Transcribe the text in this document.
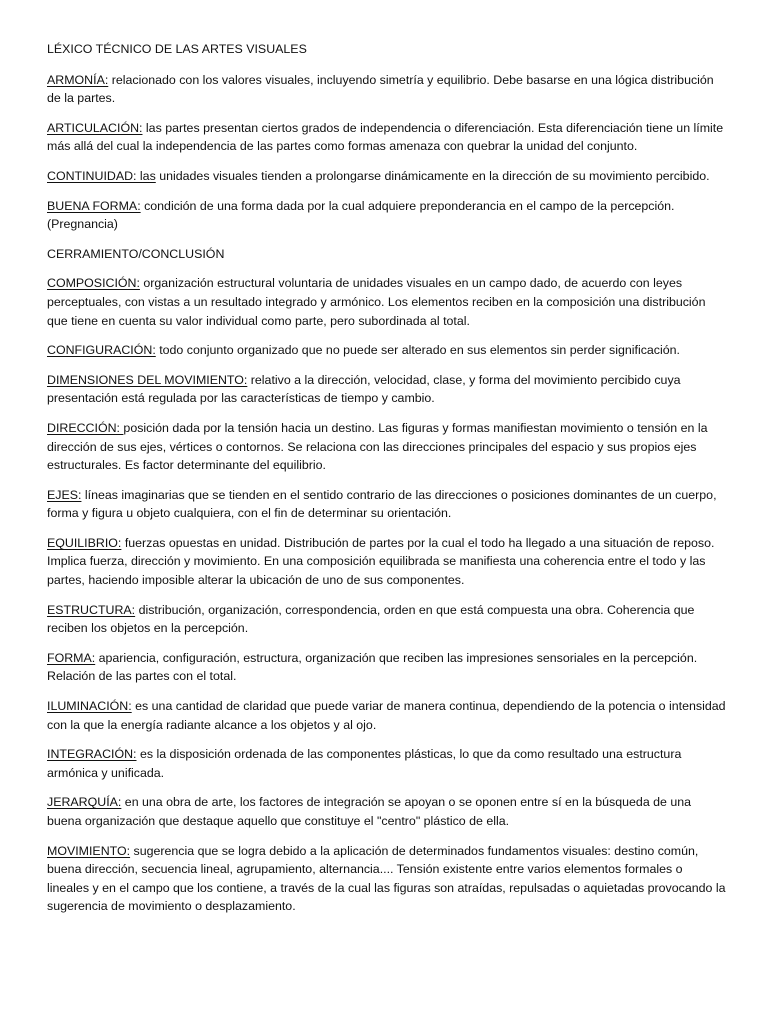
LÉXICO TÉCNICO DE LAS ARTES VISUALES

ARMONÍA: relacionado con los valores visuales, incluyendo simetría y equilibrio. Debe basarse en una lógica distribución de la partes.

ARTICULACIÓN: las partes presentan ciertos grados de independencia o diferenciación. Esta diferenciación tiene un límite más allá del cual la independencia de las partes como formas amenaza con quebrar la unidad del conjunto.

CONTINUIDAD: las unidades visuales tienden a prolongarse dinámicamente en la dirección de su movimiento percibido.

BUENA FORMA: condición de una forma dada por la cual adquiere preponderancia en el campo de la percepción. (Pregnancia)

CERRAMIENTO/CONCLUSIÓN

COMPOSICIÓN: organización estructural voluntaria de unidades visuales en un campo dado, de acuerdo con leyes perceptuales, con vistas a un resultado integrado y armónico. Los elementos reciben en la composición una distribución que tiene en cuenta su valor individual como parte, pero subordinada al total.

CONFIGURACIÓN: todo conjunto organizado que no puede ser alterado en sus elementos sin perder significación.

DIMENSIONES DEL MOVIMIENTO: relativo a la dirección, velocidad, clase, y forma del movimiento percibido cuya presentación está regulada por las características de tiempo y cambio.

DIRECCIÓN: posición dada por la tensión hacia un destino. Las figuras y formas manifiestan movimiento o tensión en la dirección de sus ejes, vértices o contornos. Se relaciona con las direcciones principales del espacio y sus propios ejes estructurales. Es factor determinante del equilibrio.

EJES: líneas imaginarias que se tienden en el sentido contrario de las direcciones o posiciones dominantes de un cuerpo, forma y figura u objeto cualquiera, con el fin de determinar su orientación.

EQUILIBRIO: fuerzas opuestas en unidad. Distribución de partes por la cual el todo ha llegado a una situación de reposo. Implica fuerza, dirección y movimiento. En una composición equilibrada se manifiesta una coherencia entre el todo y las partes, haciendo imposible alterar la ubicación de uno de sus componentes.

ESTRUCTURA: distribución, organización, correspondencia, orden en que está compuesta una obra. Coherencia que reciben los objetos en la percepción.

FORMA: apariencia, configuración, estructura, organización que reciben las impresiones sensoriales en la percepción. Relación de las partes con el total.

ILUMINACIÓN: es una cantidad de claridad que puede variar de manera continua, dependiendo de la potencia o intensidad con la que la energía radiante alcance a los objetos y al ojo.

INTEGRACIÓN: es la disposición ordenada de las componentes plásticas, lo que da como resultado una estructura armónica y unificada.

JERARQUÍA: en una obra de arte, los factores de integración se apoyan o se oponen entre sí en la búsqueda de una buena organización que destaque aquello que constituye el "centro" plástico de ella.

MOVIMIENTO: sugerencia que se logra debido a la aplicación de determinados fundamentos visuales: destino común, buena dirección, secuencia lineal, agrupamiento, alternancia.... Tensión existente entre varios elementos formales o lineales y en el campo que los contiene, a través de la cual las figuras son atraídas, repulsadas o aquietadas provocando la sugerencia de movimiento o desplazamiento.
